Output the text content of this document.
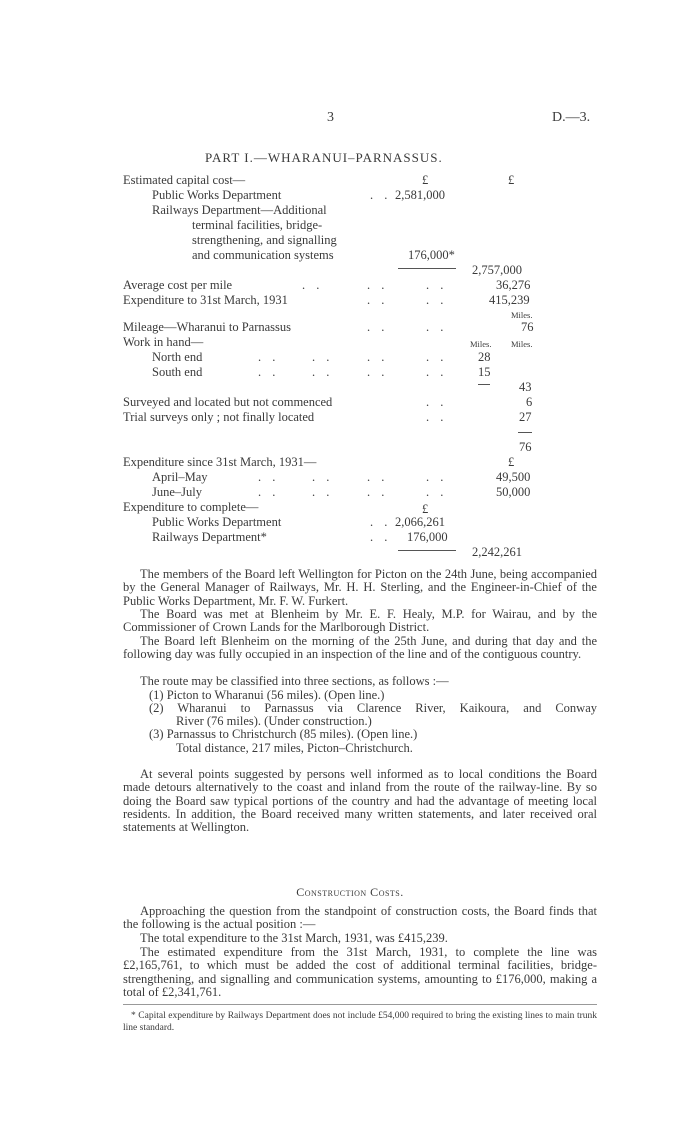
3	D.—3.
PART I.—WHARANUI–PARNASSUS.
Estimated capital cost—	£	£
Public Works Department	. . 2,581,000
Railways Department—Additional
terminal facilities, bridge-
strengthening, and signalling
and communication systems	176,000*
2,757,000
Average cost per mile	. .	. .	. .	36,276
Expenditure to 31st March, 1931	. .	. .	415,239
Miles.
Mileage—Wharanui to Parnassus	. .	. .	76
Work in hand—	Miles. Miles.
North end	. .	. .	. .	. . 28
South end	. .	. .	. .	. . 15
43
Surveyed and located but not commenced	. .	6
Trial surveys only ; not finally located	. .	27
76
Expenditure since 31st March, 1931—	£
April–May	. .	. .	. .	. .	49,500
June–July	. .	. .	. .	. .	50,000
Expenditure to complete—	£
Public Works Department	. . 2,066,261
Railways Department*	. . 176,000
2,242,261
The members of the Board left Wellington for Picton on the 24th June, being accompanied by the General Manager of Railways, Mr. H. H. Sterling, and the Engineer-in-Chief of the Public Works Department, Mr. F. W. Furkert.
The Board was met at Blenheim by Mr. E. F. Healy, M.P. for Wairau, and by the Commissioner of Crown Lands for the Marlborough District.
The Board left Blenheim on the morning of the 25th June, and during that day and the following day was fully occupied in an inspection of the line and of the contiguous country.
The route may be classified into three sections, as follows :—
(1) Picton to Wharanui (56 miles). (Open line.)
(2) Wharanui to Parnassus via Clarence River, Kaikoura, and Conway
River (76 miles). (Under construction.)
(3) Parnassus to Christchurch (85 miles). (Open line.)
Total distance, 217 miles, Picton–Christchurch.
At several points suggested by persons well informed as to local conditions the Board made detours alternatively to the coast and inland from the route of the railway-line. By so doing the Board saw typical portions of the country and had the advantage of meeting local residents. In addition, the Board received many written statements, and later received oral statements at Wellington.
Construction Costs.
Approaching the question from the standpoint of construction costs, the Board finds that the following is the actual position :—
The total expenditure to the 31st March, 1931, was £415,239.
The estimated expenditure from the 31st March, 1931, to complete the line was £2,165,761, to which must be added the cost of additional terminal facilities, bridge-strengthening, and signalling and communication systems, amounting to £176,000, making a total of £2,341,761.
* Capital expenditure by Railways Department does not include £54,000 required to bring the existing lines to main trunk line standard.
